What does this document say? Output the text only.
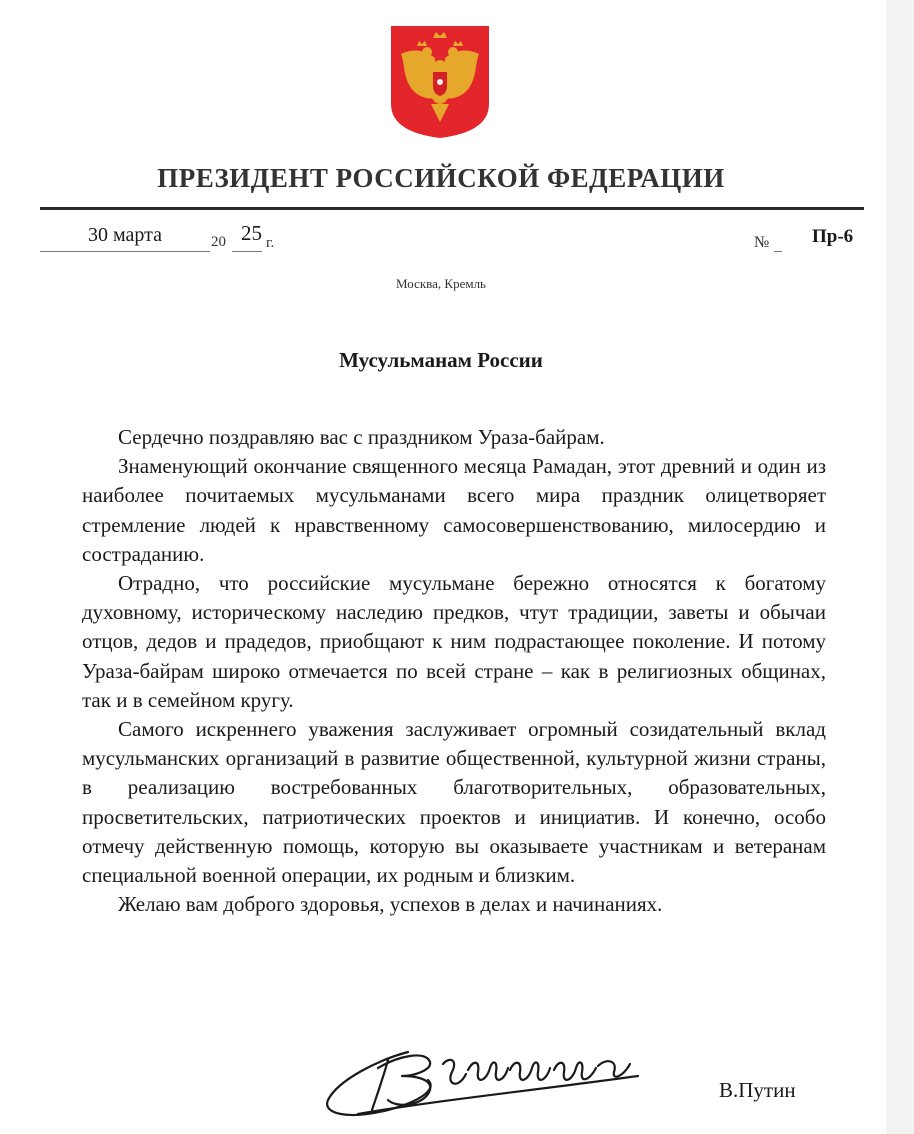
ПРЕЗИДЕНТ РОССИЙСКОЙ ФЕДЕРАЦИИ
30 марта	20 25 г.	№ Пр-6
Москва, Кремль
Мусульманам России

Сердечно поздравляю вас с праздником Ураза-байрам.

Знаменующий окончание священного месяца Рамадан, этот древний и один из наиболее почитаемых мусульманами всего мира праздник олицетворяет стремление людей к нравственному самосовершенствованию, милосердию и состраданию.

Отрадно, что российские мусульмане бережно относятся к богатому духовному, историческому наследию предков, чтут традиции, заветы и обычаи отцов, дедов и прадедов, приобщают к ним подрастающее поколение. И потому Ураза-байрам широко отмечается по всей стране – как в религиозных общинах, так и в семейном кругу.

Самого искреннего уважения заслуживает огромный созидательный вклад мусульманских организаций в развитие общественной, культурной жизни страны, в реализацию востребованных благотворительных, образовательных, просветительских, патриотических проектов и инициатив. И конечно, особо отмечу действенную помощь, которую вы оказываете участникам и ветеранам специальной военной операции, их родным и близким.

Желаю вам доброго здоровья, успехов в делах и начинаниях.

В.Путин
